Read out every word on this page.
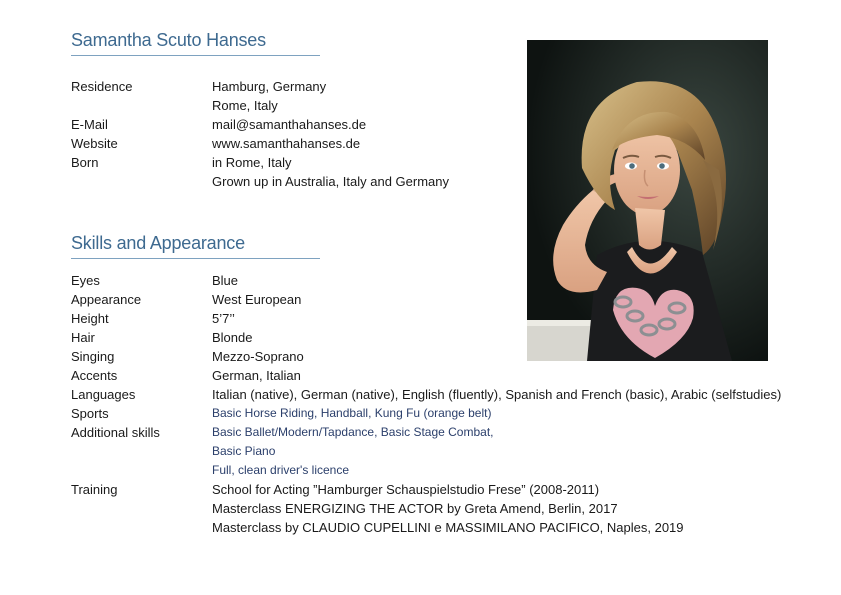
Samantha Scuto Hanses
Residence	Hamburg, Germany
Rome, Italy
E-Mail	mail@samanthahanses.de
Website	www.samanthahanses.de
Born	in Rome, Italy
Grown up in Australia, Italy and Germany
Skills and Appearance
Eyes	Blue
Appearance	West European
Height	5’7’’
Hair	Blonde
Singing	Mezzo-Soprano
Accents	German, Italian
Languages	Italian (native), German (native), English (fluently), Spanish and French (basic), Arabic (selfstudies)
Sports	Basic Horse Riding, Handball, Kung Fu (orange belt)
Additional skills	Basic Ballet/Modern/Tapdance, Basic Stage Combat,
Basic Piano
Full, clean driver's licence
Training	School for Acting ”Hamburger Schauspielstudio Frese” (2008-2011)
Masterclass ENERGIZING THE ACTOR by Greta Amend, Berlin, 2017
Masterclass by CLAUDIO CUPELLINI e MASSIMILANO PACIFICO, Naples, 2019
